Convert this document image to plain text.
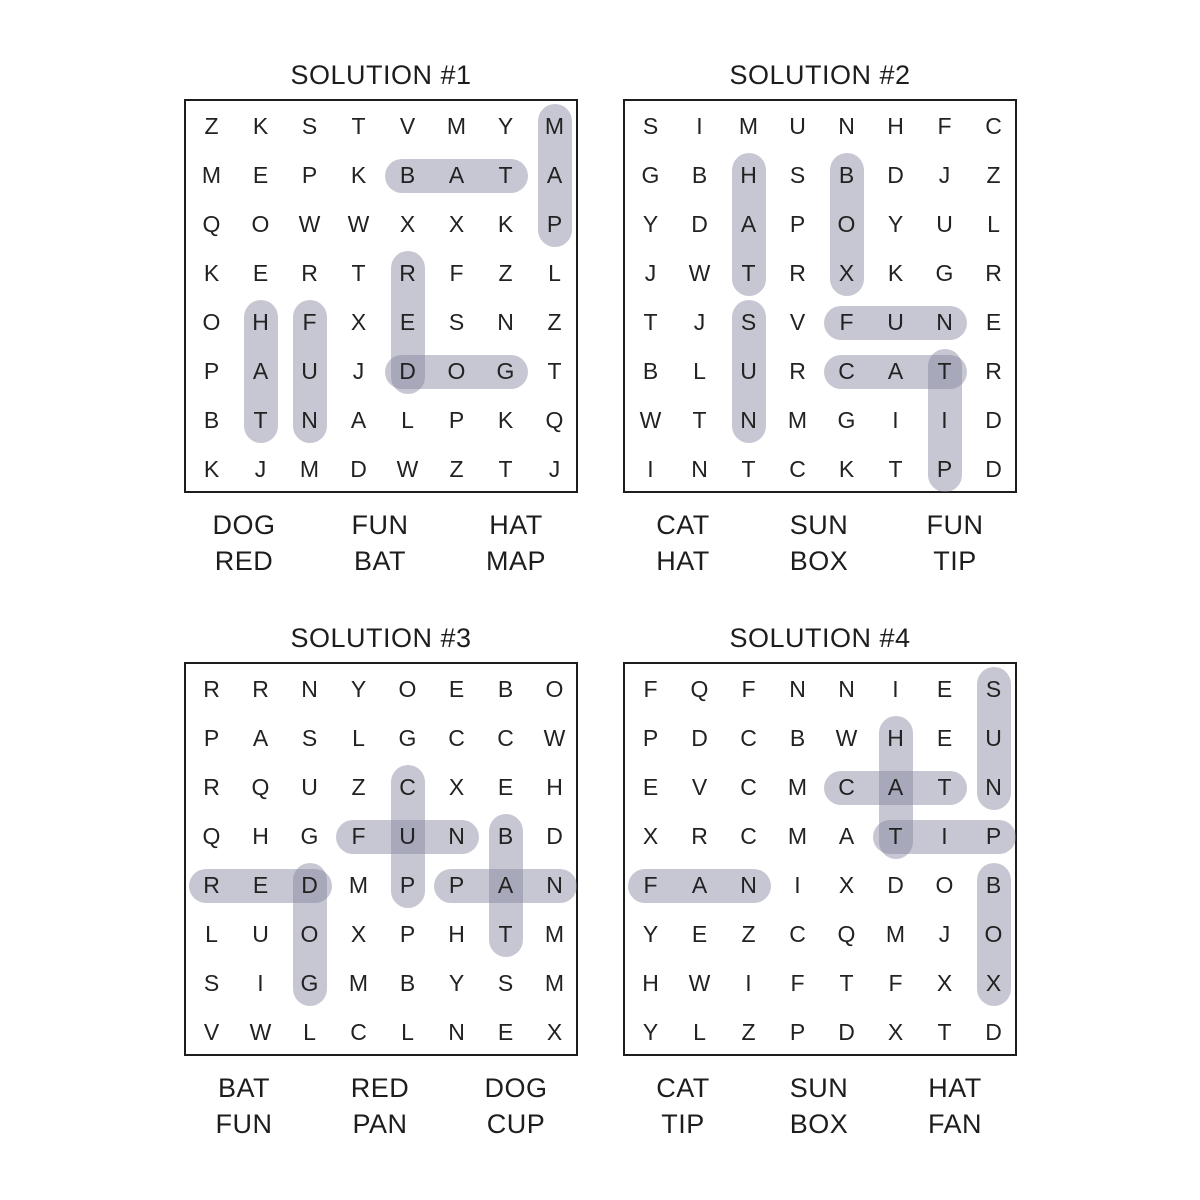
SOLUTION #1
Z	K	S	T	V	M	Y	M
M	E	P	K	B	A	T	A
Q	O	W	W	X	X	K	P
K	E	R	T	R	F	Z	L
O	H	F	X	E	S	N	Z
P	A	U	J	D	O	G	T
B	T	N	A	L	P	K	Q
K	J	M	D	W	Z	T	J
DOG
RED
FUN
BAT
HAT
MAP
SOLUTION #2
S	I	M	U	N	H	F	C
G	B	H	S	B	D	J	Z
Y	D	A	P	O	Y	U	L
J	W	T	R	X	K	G	R
T	J	S	V	F	U	N	E
B	L	U	R	C	A	T	R
W	T	N	M	G	I	I	D
I	N	T	C	K	T	P	D
CAT
HAT
SUN
BOX
FUN
TIP
SOLUTION #3
R	R	N	Y	O	E	B	O
P	A	S	L	G	C	C	W
R	Q	U	Z	C	X	E	H
Q	H	G	F	U	N	B	D
R	E	D	M	P	P	A	N
L	U	O	X	P	H	T	M
S	I	G	M	B	Y	S	M
V	W	L	C	L	N	E	X
BAT
FUN
RED
PAN
DOG
CUP
SOLUTION #4
F	Q	F	N	N	I	E	S
P	D	C	B	W	H	E	U
E	V	C	M	C	A	T	N
X	R	C	M	A	T	I	P
F	A	N	I	X	D	O	B
Y	E	Z	C	Q	M	J	O
H	W	I	F	T	F	X	X
Y	L	Z	P	D	X	T	D
CAT
TIP
SUN
BOX
HAT
FAN
